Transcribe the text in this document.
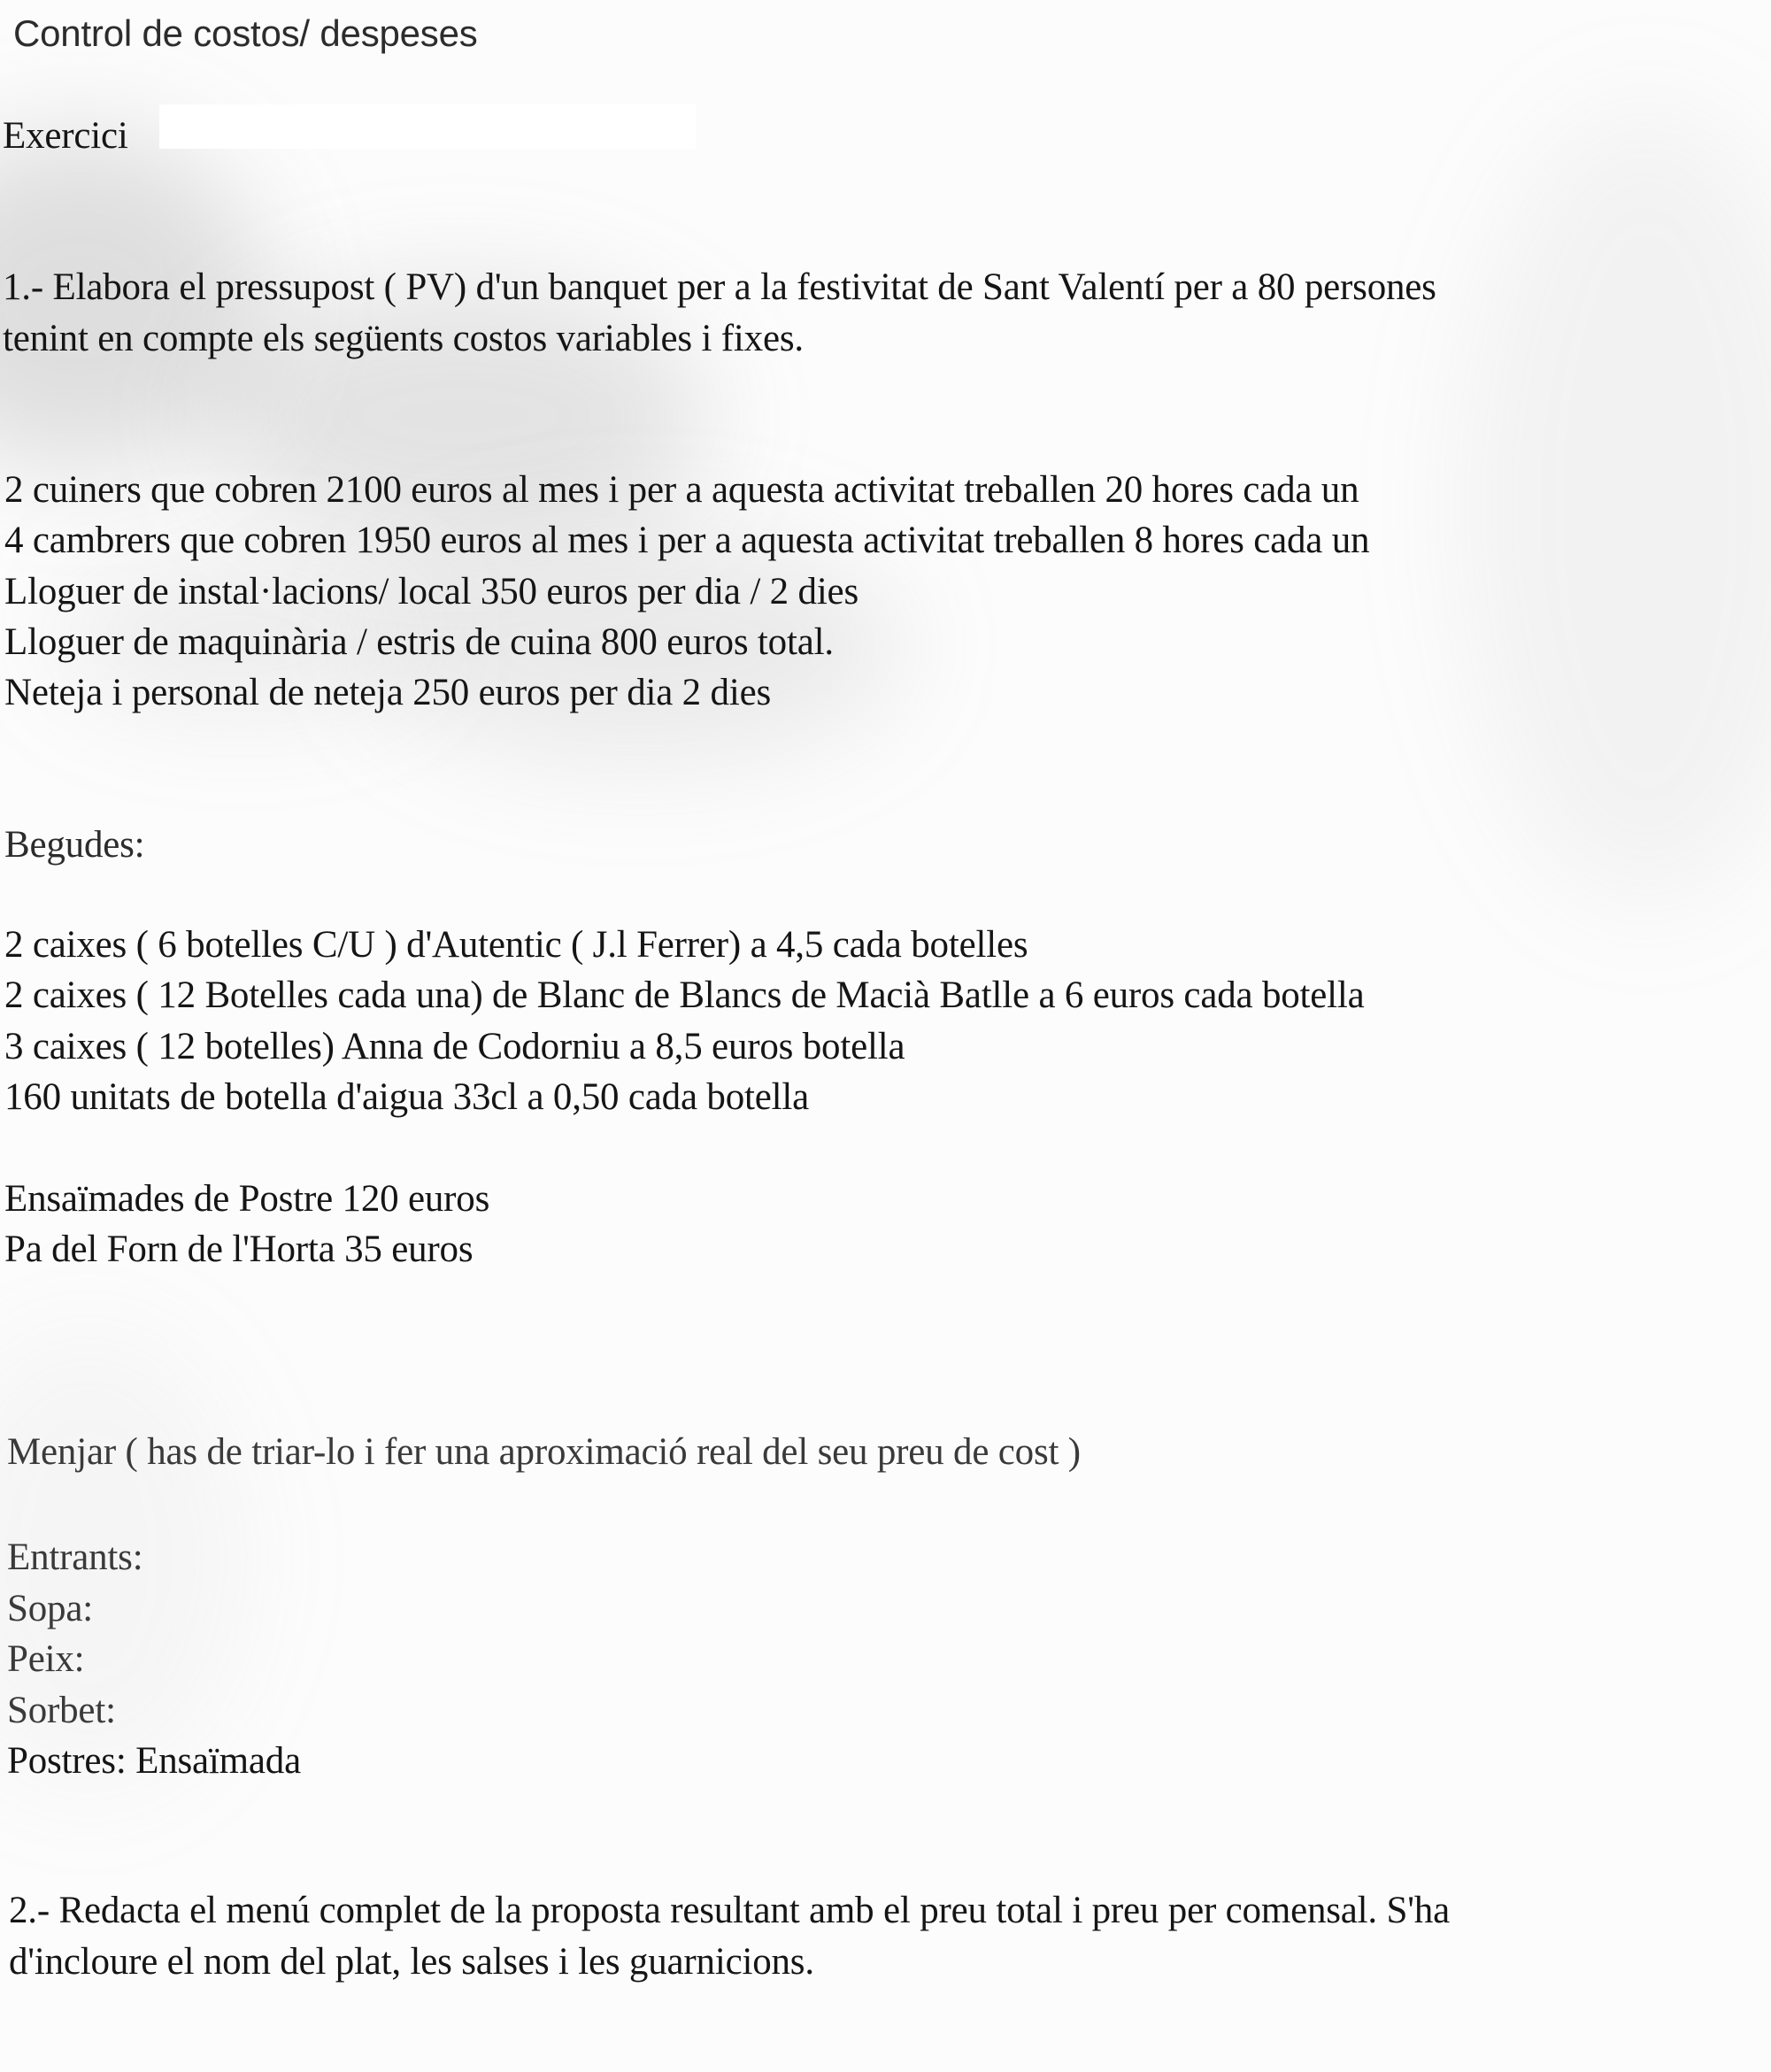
Control de costos/ despeses
Exercici
1.- Elabora el pressupost ( PV) d'un banquet per a la festivitat de Sant Valentí per a 80 persones
tenint en compte els següents costos variables i fixes.
2 cuiners que cobren 2100 euros al mes i per a aquesta activitat treballen 20 hores cada un
4 cambrers que cobren 1950 euros al mes i per a aquesta activitat treballen 8 hores cada un
Lloguer de instal·lacions/ local 350 euros per dia / 2 dies
Lloguer de maquinària / estris de cuina 800 euros total.
Neteja i personal de neteja 250 euros per dia 2 dies
Begudes:
2 caixes ( 6 botelles C/U ) d'Autentic ( J.l Ferrer) a 4,5 cada botelles
2 caixes ( 12 Botelles cada una) de Blanc de Blancs de Macià Batlle a 6 euros cada botella
3 caixes ( 12 botelles) Anna de Codorniu a 8,5 euros botella
160 unitats de botella d'aigua 33cl a 0,50 cada botella
Ensaïmades de Postre 120 euros
Pa del Forn de l'Horta 35 euros
Menjar ( has de triar-lo i fer una aproximació real del seu preu de cost )
Entrants:
Sopa:
Peix:
Sorbet:
Postres: Ensaïmada
2.- Redacta el menú complet de la proposta resultant amb el preu total i preu per comensal. S'ha
d'incloure el nom del plat, les salses i les guarnicions.
